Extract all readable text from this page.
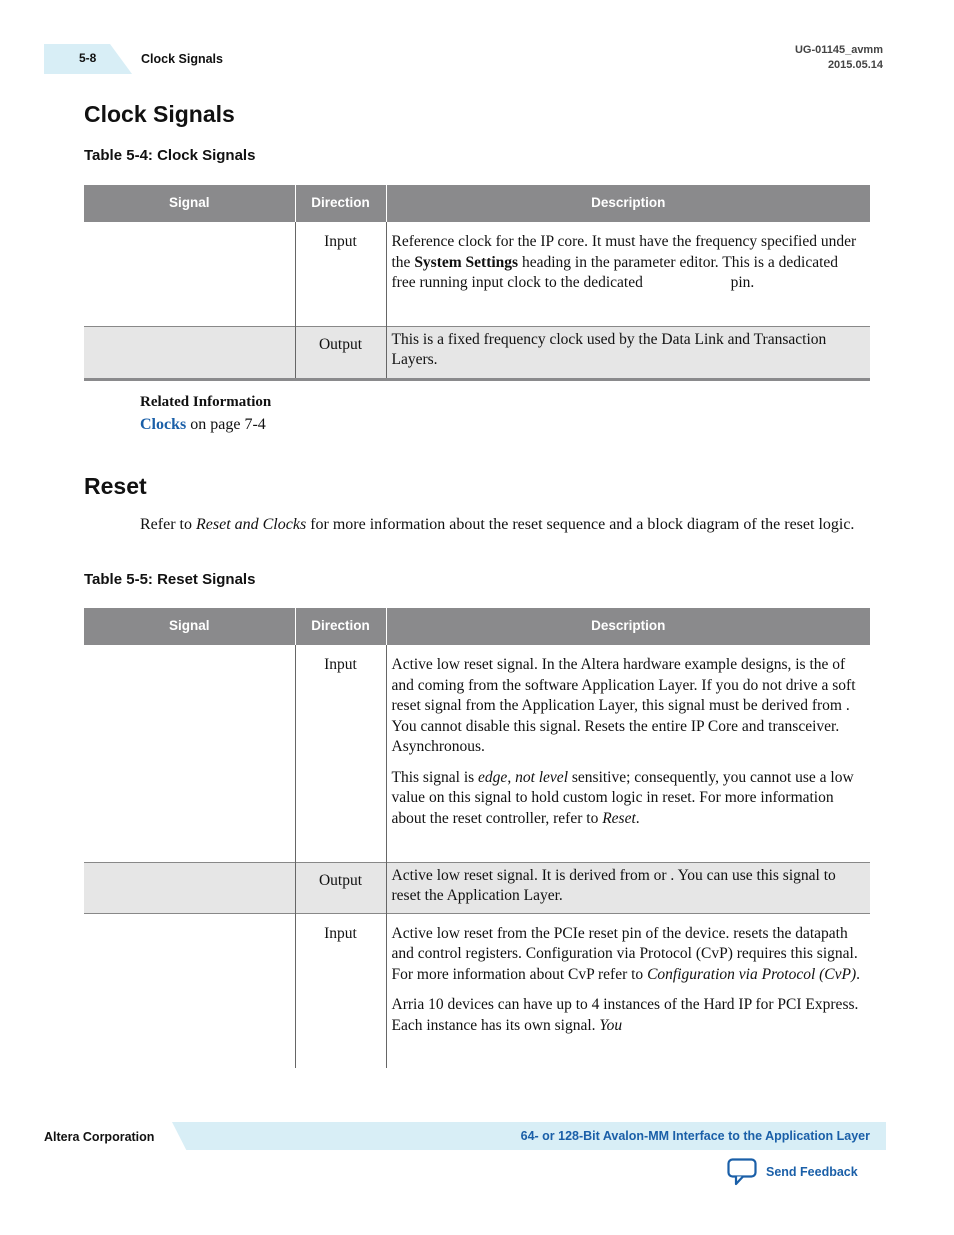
5-8	Clock Signals
UG-01145_avmm
2015.05.14
Clock Signals
Table 5-4: Clock Signals
Signal	Direction	Description
	Input	Reference clock for the IP core. It must have the frequency specified under the System Settings heading in the parameter editor. This is a dedicated free running input clock to the dedicated pin.
	Output	This is a fixed frequency clock used by the Data Link and Transaction Layers.
Related Information
Clocks on page 7-4
Reset
Refer to Reset and Clocks for more information about the reset sequence and a block diagram of the reset logic.
Table 5-5: Reset Signals
Signal	Direction	Description
	Input	Active low reset signal. In the Altera hardware example designs, is the of and coming from the software Application Layer. If you do not drive a soft reset signal from the Application Layer, this signal must be derived from . You cannot disable this signal. Resets the entire IP Core and transceiver. Asynchronous.

This signal is edge, not level sensitive; consequently, you cannot use a low value on this signal to hold custom logic in reset. For more information about the reset controller, refer to Reset.

	Output	Active low reset signal. It is derived from or . You can use this signal to reset the Application Layer.
	Input	Active low reset from the PCIe reset pin of the device. resets the datapath and control registers. Configuration via Protocol (CvP) requires this signal. For more information about CvP refer to Configuration via Protocol (CvP).

Arria 10 devices can have up to 4 instances of the Hard IP for PCI Express. Each instance has its own signal. You

Altera Corporation	64- or 128-Bit Avalon-MM Interface to the Application Layer
Send Feedback
